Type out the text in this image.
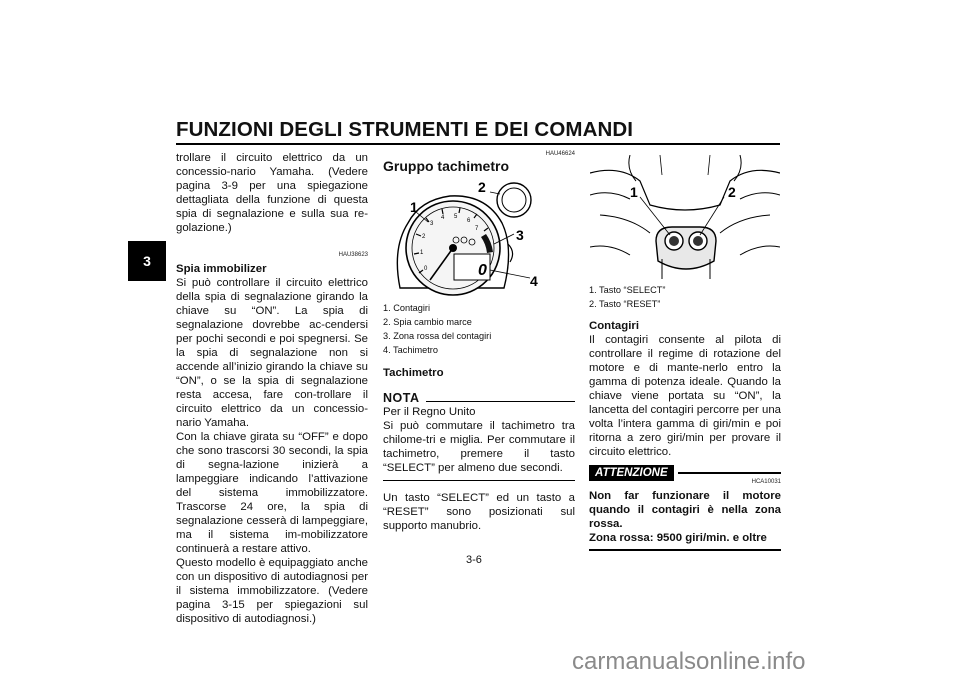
FUNZIONI DEGLI STRUMENTI E DEI COMANDI
3

trollare il circuito elettrico da un concessio-nario Yamaha. (Vedere pagina 3-9 per una spiegazione dettagliata della funzione di questa spia di segnalazione e sulla sua re-golazione.)

HAU38623
Spia immobilizer

Si può controllare il circuito elettrico della spia di segnalazione girando la chiave su “ON”. La spia di segnalazione dovrebbe ac-cendersi per pochi secondi e poi spegnersi. Se la spia di segnalazione non si accende all’inizio girando la chiave su “ON”, o se la spia di segnalazione resta accesa, fare con-trollare il circuito elettrico da un concessio-nario Yamaha.

Con la chiave girata su “OFF” e dopo che sono trascorsi 30 secondi, la spia di segna-lazione inizierà a lampeggiare indicando l’attivazione del sistema immobilizzatore. Trascorse 24 ore, la spia di segnalazione cesserà di lampeggiare, ma il sistema im-mobilizzatore continuerà a restare attivo.

Questo modello è equipaggiato anche con un dispositivo di autodiagnosi per il sistema immobilizzatore. (Vedere pagina 3-15 per spiegazioni sul dispositivo di autodiagnosi.)

HAU46624
Gruppo tachimetro
0
1
2
3
4 5
6
7
0
1
2
3
4
1. Contagiri
2. Spia cambio marce
3. Zona rossa del contagiri
4. Tachimetro
Tachimetro
NOTA

Per il Regno Unito

Si può commutare il tachimetro tra chilome-tri e miglia. Per commutare il tachimetro, premere il tasto “SELECT” per almeno due secondi.

Un tasto “SELECT” ed un tasto a “RESET” sono posizionati sul supporto manubrio.
1	2
1. Tasto “SELECT”
2. Tasto “RESET”
Contagiri
Il contagiri consente al pilota di controllare il regime di rotazione del motore e di mante-nerlo entro la gamma di potenza ideale. Quando la chiave viene portata su “ON”, la lancetta del contagiri percorre per una volta l’intera gamma di giri/min e poi ritorna a zero giri/min per provare il circuito elettrico.
ATTENZIONE
HCA10031

Non far funzionare il motore quando il contagiri è nella zona rossa.

Zona rossa: 9500 giri/min. e oltre

3-6
carmanualsonline.info
